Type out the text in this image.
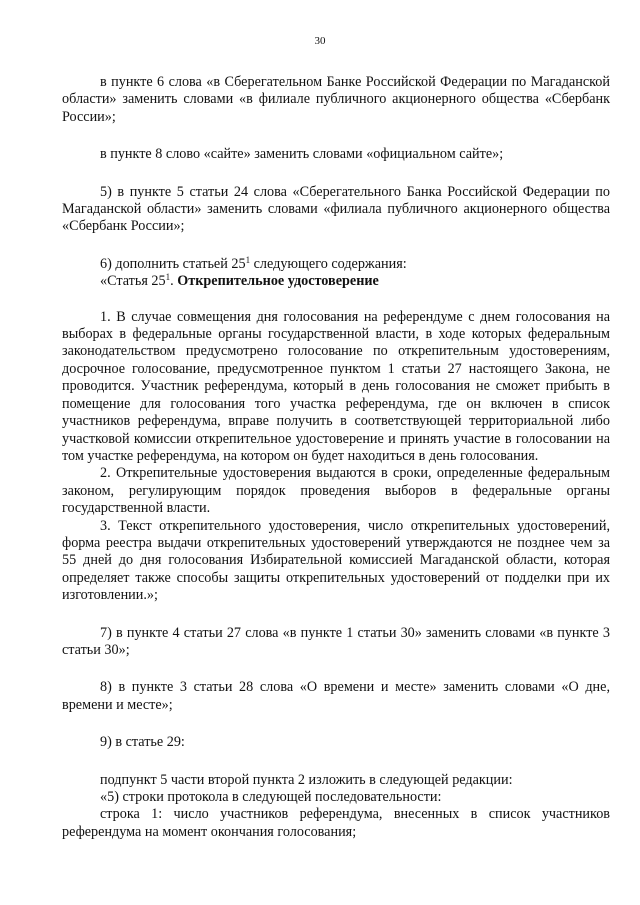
30

в пункте 6 слова «в Сберегательном Банке Российской Федерации по Магаданской области» заменить словами «в филиале публичного акционерного общества «Сбербанк России»;

в пункте 8 слово «сайте» заменить словами «официальном сайте»;

5) в пункте 5 статьи 24 слова «Сберегательного Банка Российской Федерации по Магаданской области» заменить словами «филиала публичного акционерного общества «Сбербанк России»;

6) дополнить статьей $25^1$ следующего содержания:

«Статья $25^1$. Открепительное удостоверение

1. В случае совмещения дня голосования на референдуме с днем голосования на выборах в федеральные органы государственной власти, в ходе которых федеральным законодательством предусмотрено голосование по открепительным удостоверениям, досрочное голосование, предусмотренное пунктом 1 статьи 27 настоящего Закона, не проводится. Участник референдума, который в день голосования не сможет прибыть в помещение для голосования того участка референдума, где он включен в список участников референдума, вправе получить в соответствующей территориальной либо участковой комиссии открепительное удостоверение и принять участие в голосовании на том участке референдума, на котором он будет находиться в день голосования.

2. Открепительные удостоверения выдаются в сроки, определенные федеральным законом, регулирующим порядок проведения выборов в федеральные органы государственной власти.

3. Текст открепительного удостоверения, число открепительных удостоверений, форма реестра выдачи открепительных удостоверений утверждаются не позднее чем за 55 дней до дня голосования Избирательной комиссией Магаданской области, которая определяет также способы защиты открепительных удостоверений от подделки при их изготовлении.»;

7) в пункте 4 статьи 27 слова «в пункте 1 статьи 30» заменить словами «в пункте 3 статьи 30»;

8) в пункте 3 статьи 28 слова «О времени и месте» заменить словами «О дне, времени и месте»;

9) в статье 29:

подпункт 5 части второй пункта 2 изложить в следующей редакции:

«5) строки протокола в следующей последовательности:

строка 1: число участников референдума, внесенных в список участников референдума на момент окончания голосования;
